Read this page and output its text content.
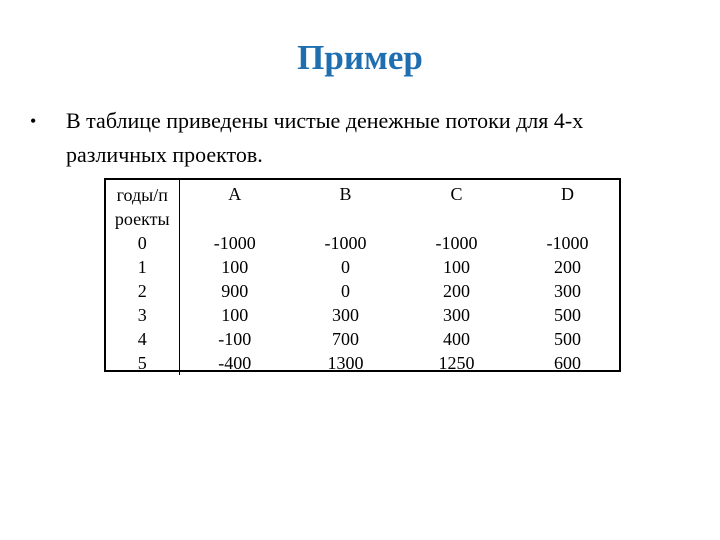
Пример
• В таблице приведены чистые денежные потоки для 4-х
различных проектов.
годы/п
роекты	A	B	C	D
0	-1000	-1000	-1000	-1000
1	100	0	100	200
2	900	0	200	300
3	100	300	300	500
4	-100	700	400	500
5	-400	1300	1250	600
